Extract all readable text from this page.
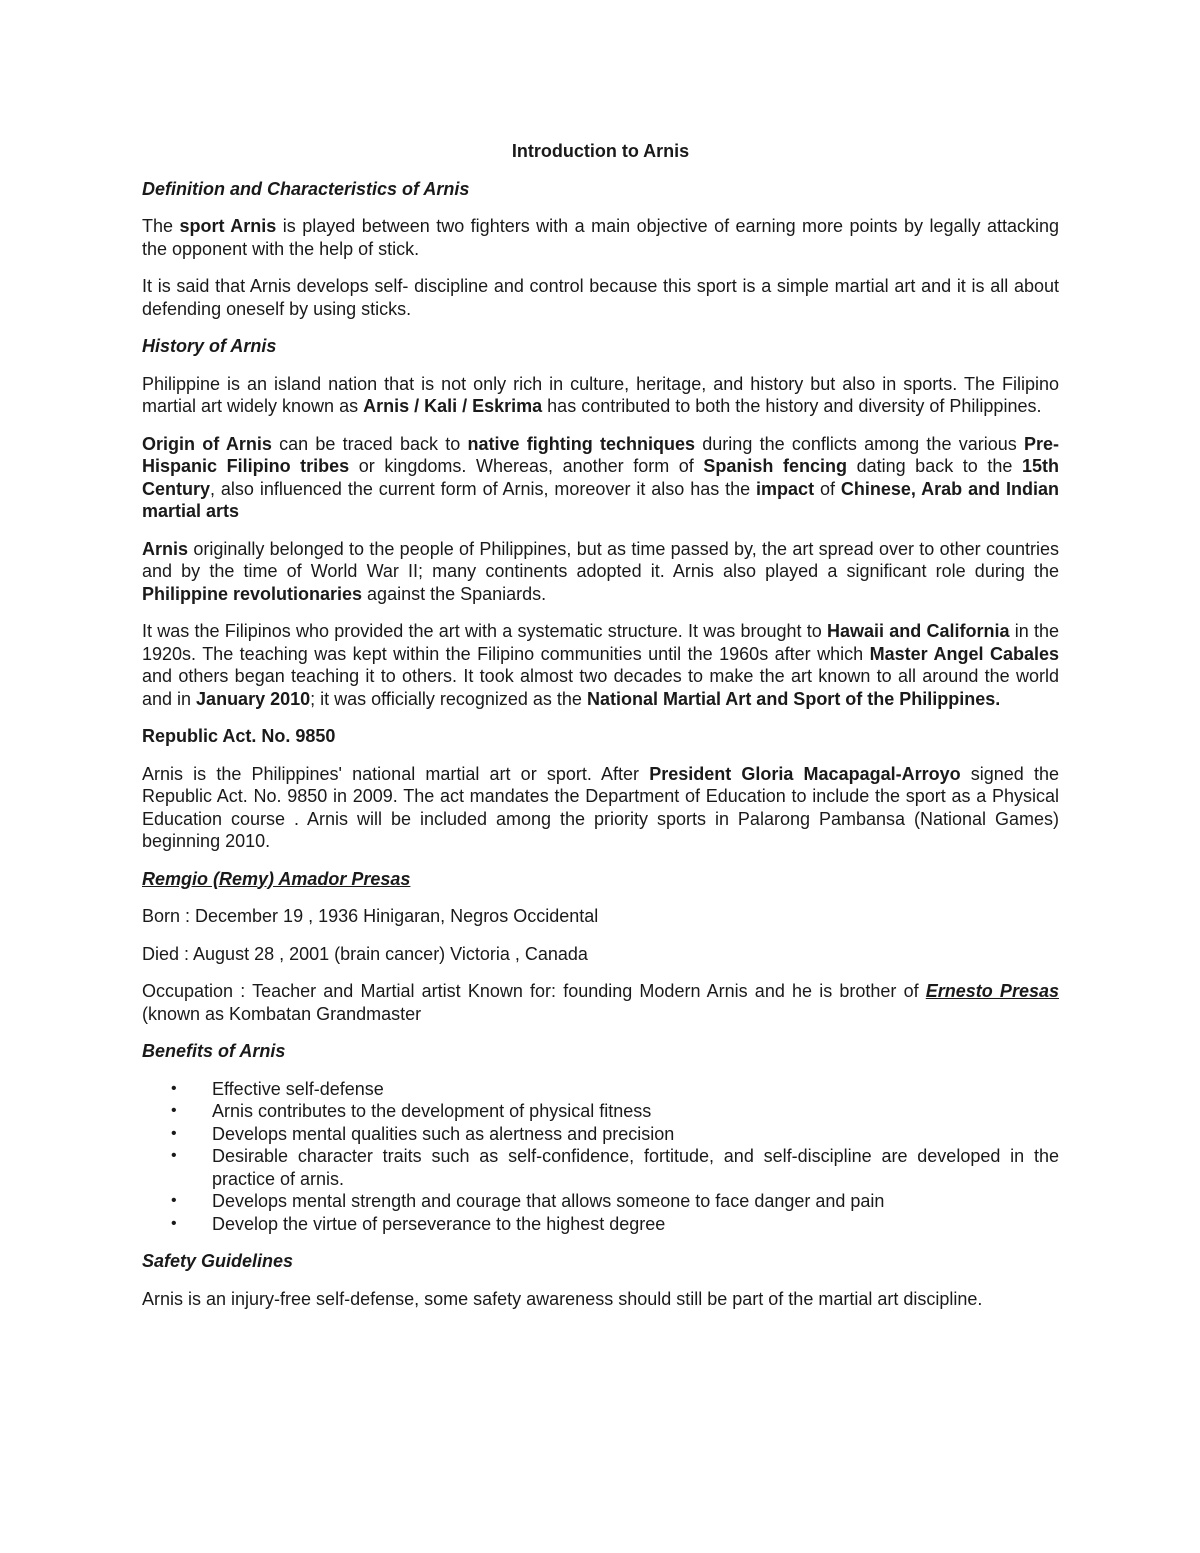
Introduction to Arnis
Definition and Characteristics of Arnis

The sport Arnis is played between two fighters with a main objective of earning more points by legally attacking the opponent with the help of stick.

It is said that Arnis develops self- discipline and control because this sport is a simple martial art and it is all about defending oneself by using sticks.

History of Arnis

Philippine is an island nation that is not only rich in culture, heritage, and history but also in sports. The Filipino martial art widely known as Arnis / Kali / Eskrima has contributed to both the history and diversity of Philippines.

Origin of Arnis can be traced back to native fighting techniques during the conflicts among the various Pre-Hispanic Filipino tribes or kingdoms. Whereas, another form of Spanish fencing dating back to the 15th Century, also influenced the current form of Arnis, moreover it also has the impact of Chinese, Arab and Indian martial arts

Arnis originally belonged to the people of Philippines, but as time passed by, the art spread over to other countries and by the time of World War II; many continents adopted it. Arnis also played a significant role during the Philippine revolutionaries against the Spaniards.

It was the Filipinos who provided the art with a systematic structure. It was brought to Hawaii and California in the 1920s. The teaching was kept within the Filipino communities until the 1960s after which Master Angel Cabales and others began teaching it to others. It took almost two decades to make the art known to all around the world and in January 2010; it was officially recognized as the National Martial Art and Sport of the Philippines.

Republic Act. No. 9850

Arnis is the Philippines' national martial art or sport. After President Gloria Macapagal-Arroyo signed the Republic Act. No. 9850 in 2009. The act mandates the Department of Education to include the sport as a Physical Education course . Arnis will be included among the priority sports in Palarong Pambansa (National Games) beginning 2010.

Remgio (Remy) Amador Presas

Born : December 19 , 1936 Hinigaran, Negros Occidental

Died : August 28 , 2001 (brain cancer) Victoria , Canada

Occupation : Teacher and Martial artist Known for: founding Modern Arnis and he is brother of Ernesto Presas (known as Kombatan Grandmaster

Benefits of Arnis
• Effective self-defense
• Arnis contributes to the development of physical fitness
• Develops mental qualities such as alertness and precision
• Desirable character traits such as self-confidence, fortitude, and self-discipline are developed in the practice of arnis.
• Develops mental strength and courage that allows someone to face danger and pain
• Develop the virtue of perseverance to the highest degree
Safety Guidelines

Arnis is an injury-free self-defense, some safety awareness should still be part of the martial art discipline.
